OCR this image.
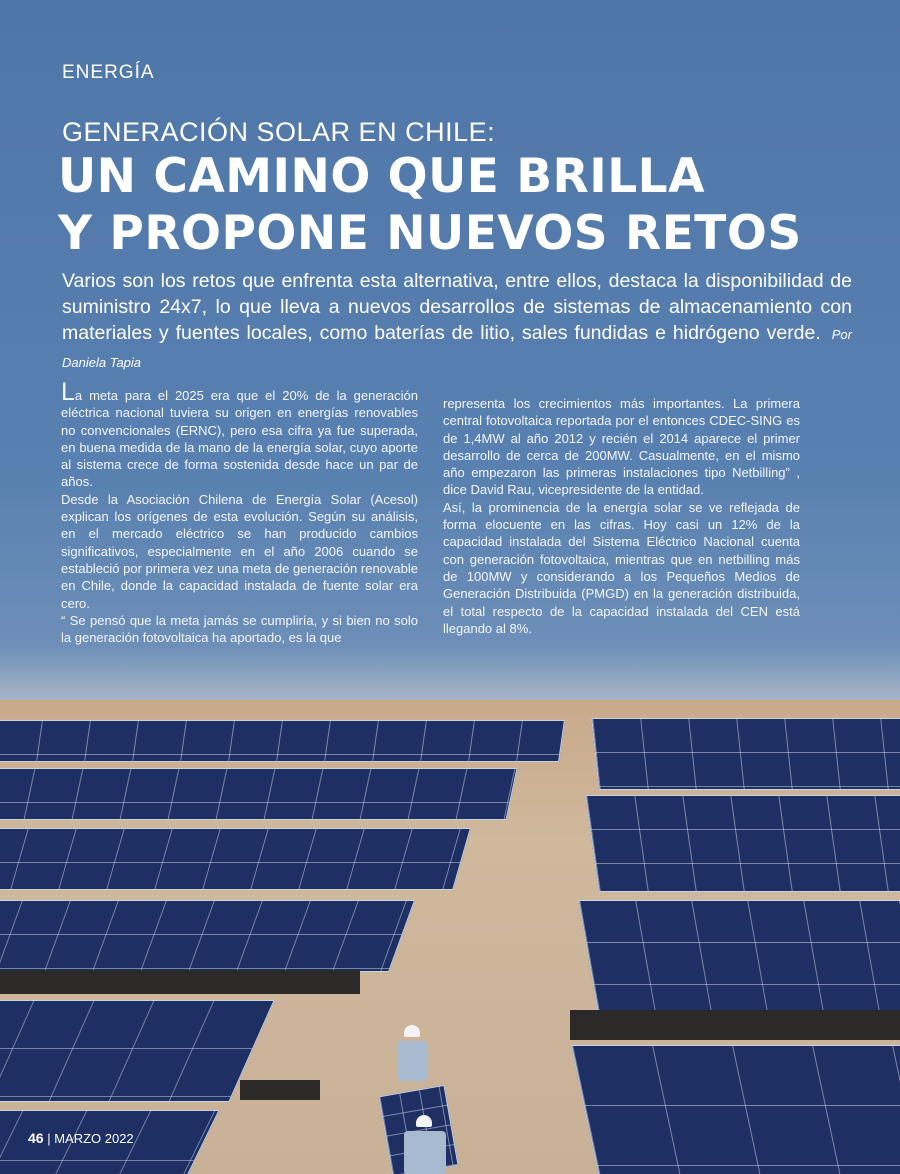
ENERGÍA
GENERACIÓN SOLAR EN CHILE:
UN CAMINO QUE BRILLA
Y PROPONE NUEVOS RETOS
Varios son los retos que enfrenta esta alternativa, entre ellos, destaca la disponibilidad de suministro 24x7, lo que lleva a nuevos desarrollos de sistemas de almacenamiento con materiales y fuentes locales, como baterías de litio, sales fundidas e hidrógeno verde. Por Daniela Tapia

La meta para el 2025 era que el 20% de la generación eléctrica nacional tuviera su origen en energías renovables no convencionales (ERNC), pero esa cifra ya fue superada, en buena medida de la mano de la energía solar, cuyo aporte al sistema crece de forma sostenida desde hace un par de años.

Desde la Asociación Chilena de Energía Solar (Acesol) explican los orígenes de esta evolución. Según su análisis, en el mercado eléctrico se han producido cambios significativos, especialmente en el año 2006 cuando se estableció por primera vez una meta de generación renovable en Chile, donde la capacidad instalada de fuente solar era cero.

“ Se pensó que la meta jamás se cumpliría, y si bien no solo la generación fotovoltaica ha aportado, es la que

representa los crecimientos más importantes. La primera central fotovoltaica reportada por el entonces CDEC-SING es de 1,4MW al año 2012 y recién el 2014 aparece el primer desarrollo de cerca de 200MW. Casualmente, en el mismo año empezaron las primeras instalaciones tipo Netbilling” , dice David Rau, vicepresidente de la entidad.

Así, la prominencia de la energía solar se ve reflejada de forma elocuente en las cifras. Hoy casi un 12% de la capacidad instalada del Sistema Eléctrico Nacional cuenta con generación fotovoltaica, mientras que en netbilling más de 100MW y considerando a los Pequeños Medios de Generación Distribuida (PMGD) en la generación distribuida, el total respecto de la capacidad instalada del CEN está llegando al 8%.

46 | MARZO 2022
